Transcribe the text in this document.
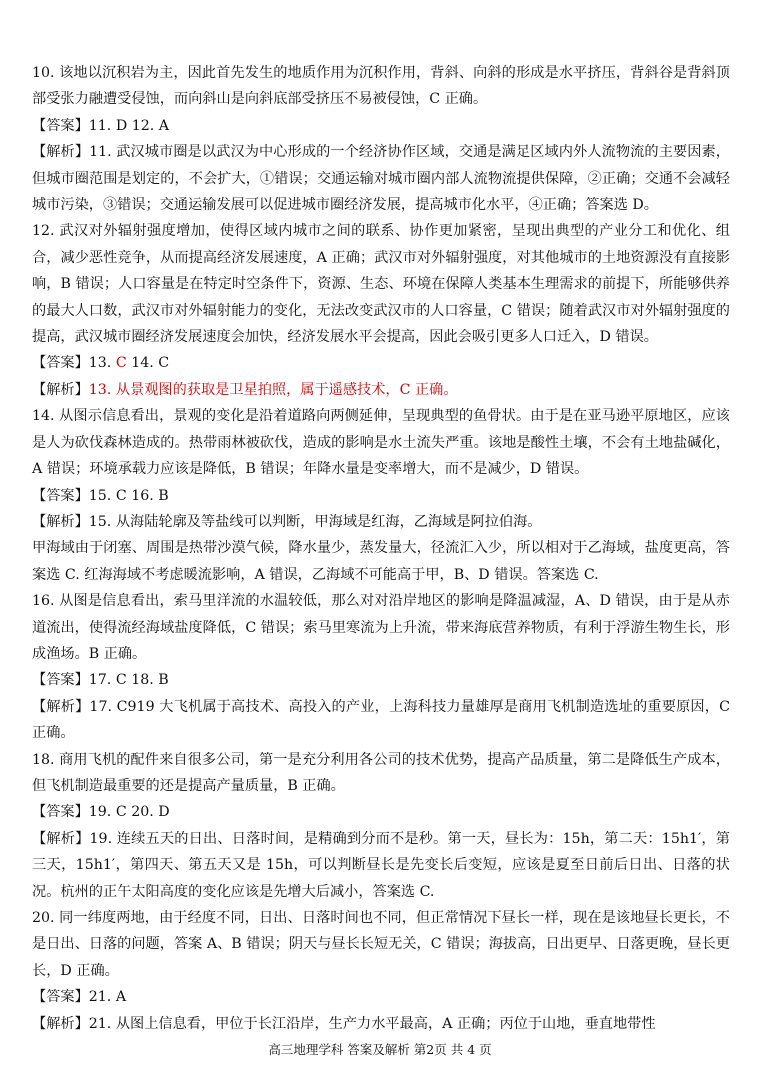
10. 该地以沉积岩为主，因此首先发生的地质作用为沉积作用，背斜、向斜的形成是水平挤压，背斜谷是背斜顶部受张力融遭受侵蚀，而向斜山是向斜底部受挤压不易被侵蚀，C 正确。

【答案】11. D 12. A

【解析】11. 武汉城市圈是以武汉为中心形成的一个经济协作区域，交通是满足区域内外人流物流的主要因素，但城市圈范围是划定的，不会扩大，①错误；交通运输对城市圈内部人流物流提供保障，②正确；交通不会减轻城市污染，③错误；交通运输发展可以促进城市圈经济发展，提高城市化水平，④正确；答案选 D。

12. 武汉对外辐射强度增加，使得区域内城市之间的联系、协作更加紧密，呈现出典型的产业分工和优化、组合，减少恶性竞争，从而提高经济发展速度，A 正确；武汉市对外辐射强度，对其他城市的土地资源没有直接影响，B 错误；人口容量是在特定时空条件下，资源、生态、环境在保障人类基本生理需求的前提下，所能够供养的最大人口数，武汉市对外辐射能力的变化，无法改变武汉市的人口容量，C 错误；随着武汉市对外辐射强度的提高，武汉城市圈经济发展速度会加快，经济发展水平会提高，因此会吸引更多人口迁入，D 错误。

【答案】13. C 14. C

【解析】13. 从景观图的获取是卫星拍照，属于遥感技术，C 正确。

14. 从图示信息看出，景观的变化是沿着道路向两侧延伸，呈现典型的鱼骨状。由于是在亚马逊平原地区，应该是人为砍伐森林造成的。热带雨林被砍伐，造成的影响是水土流失严重。该地是酸性土壤，不会有土地盐碱化，A 错误；环境承载力应该是降低，B 错误；年降水量是变率增大，而不是减少，D 错误。

【答案】15. C 16. B

【解析】15. 从海陆轮廓及等盐线可以判断，甲海域是红海，乙海域是阿拉伯海。

甲海域由于闭塞、周围是热带沙漠气候，降水量少，蒸发量大，径流汇入少，所以相对于乙海域，盐度更高，答案选 C. 红海海域不考虑暖流影响，A 错误，乙海域不可能高于甲，B、D 错误。答案选 C.

16. 从图是信息看出，索马里洋流的水温较低，那么对对沿岸地区的影响是降温减湿，A、D 错误，由于是从赤道流出，使得流经海域盐度降低，C 错误；索马里寒流为上升流，带来海底营养物质，有利于浮游生物生长，形成渔场。B 正确。

【答案】17. C 18. B

【解析】17. C919 大飞机属于高技术、高投入的产业，上海科技力量雄厚是商用飞机制造选址的重要原因，C 正确。

18. 商用飞机的配件来自很多公司，第一是充分利用各公司的技术优势，提高产品质量，第二是降低生产成本，但飞机制造最重要的还是提高产量质量，B 正确。

【答案】19. C 20. D

【解析】19. 连续五天的日出、日落时间，是精确到分而不是秒。第一天，昼长为：15h，第二天：15h1′，第三天，15h1′，第四天、第五天又是 15h，可以判断昼长是先变长后变短，应该是夏至日前后日出、日落的状况。杭州的正午太阳高度的变化应该是先增大后减小，答案选 C.

20. 同一纬度两地，由于经度不同，日出、日落时间也不同，但正常情况下昼长一样，现在是该地昼长更长，不是日出、日落的问题，答案 A、B 错误；阴天与昼长长短无关，C 错误；海拔高，日出更早、日落更晚，昼长更长，D 正确。

【答案】21. A

【解析】21. 从图上信息看，甲位于长江沿岸，生产力水平最高，A 正确；丙位于山地，垂直地带性

高三地理学科 答案及解析 第2页 共 4 页
